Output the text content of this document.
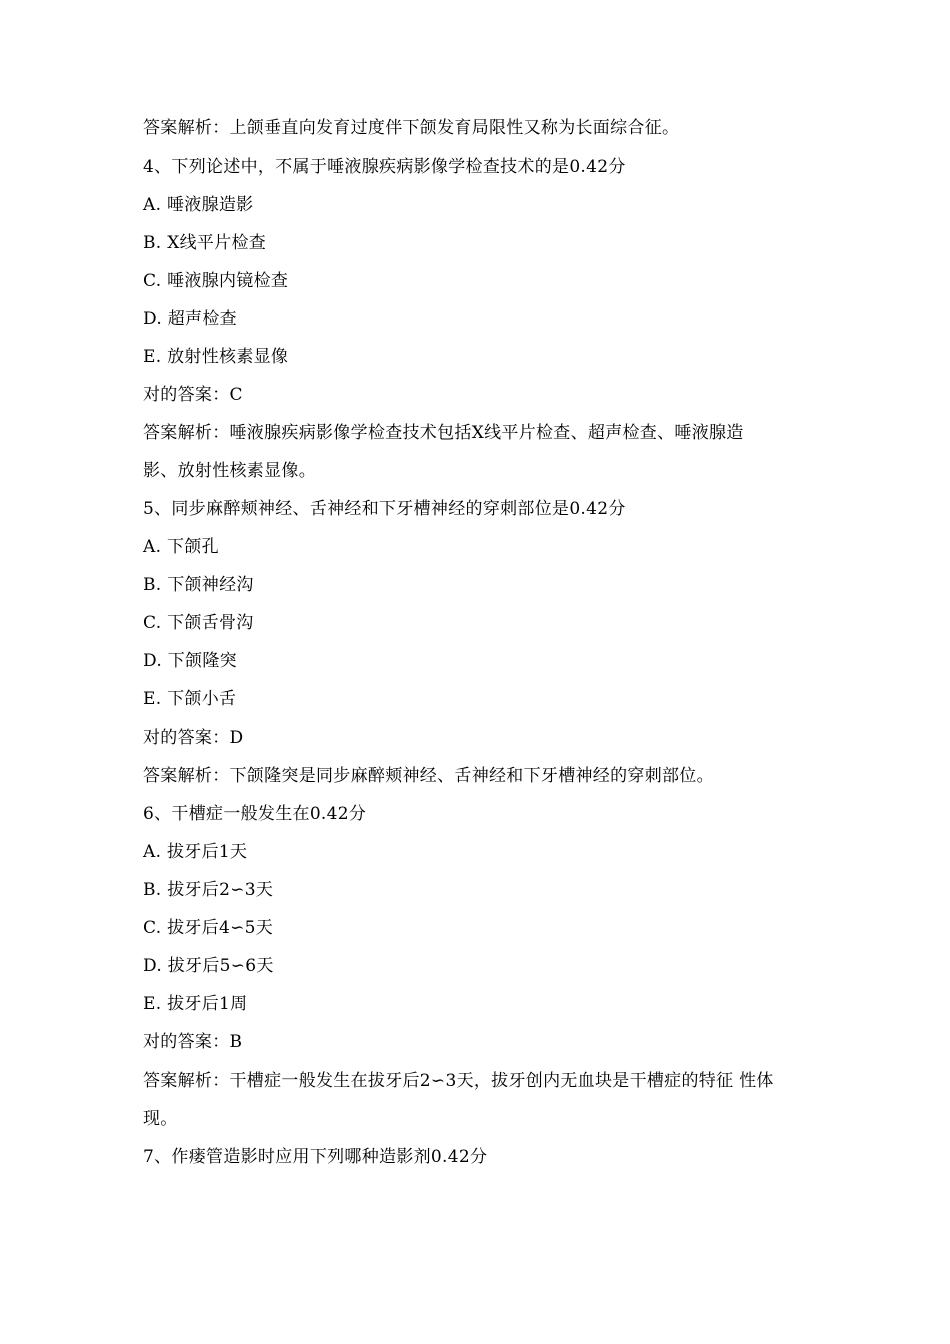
答案解析：上颌垂直向发育过度伴下颌发育局限性又称为长面综合征。
4、下列论述中，不属于唾液腺疾病影像学检查技术的是0.42分
A. 唾液腺造影
B. X线平片检查
C. 唾液腺内镜检查
D. 超声检查
E. 放射性核素显像
对的答案：C
答案解析：唾液腺疾病影像学检查技术包括X线平片检查、超声检查、唾液腺造
影、放射性核素显像。
5、同步麻醉颊神经、舌神经和下牙槽神经的穿刺部位是0.42分
A. 下颌孔
B. 下颌神经沟
C. 下颌舌骨沟
D. 下颌隆突
E. 下颌小舌
对的答案：D
答案解析：下颌隆突是同步麻醉颊神经、舌神经和下牙槽神经的穿刺部位。
6、干槽症一般发生在0.42分
A. 拔牙后1天
B. 拔牙后2∽3天
C. 拔牙后4∽5天
D. 拔牙后5∽6天
E. 拔牙后1周
对的答案：B
答案解析：干槽症一般发生在拔牙后2∽3天，拔牙创内无血块是干槽症的特征 性体
现。
7、作瘘管造影时应用下列哪种造影剂0.42分
